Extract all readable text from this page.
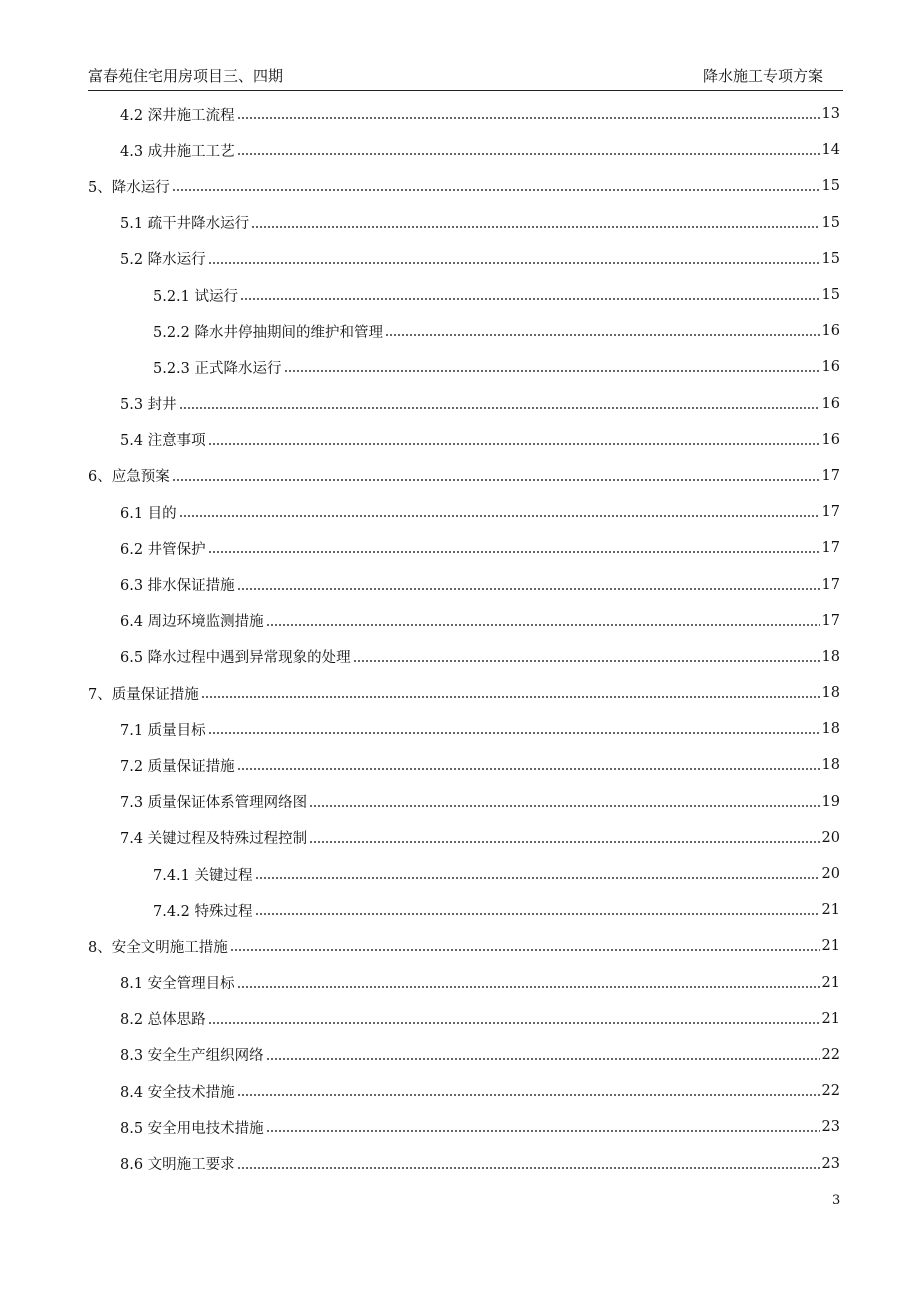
富春苑住宅用房项目三、四期	降水施工专项方案
4.2 深井施工流程	13
4.3 成井施工工艺	14
5、降水运行	15
5.1 疏干井降水运行	15
5.2 降水运行	15
5.2.1 试运行	15
5.2.2 降水井停抽期间的维护和管理	16
5.2.3 正式降水运行	16
5.3 封井	16
5.4 注意事项	16
6、应急预案	17
6.1 目的	17
6.2 井管保护	17
6.3 排水保证措施	17
6.4 周边环境监测措施	17
6.5 降水过程中遇到异常现象的处理	18
7、质量保证措施	18
7.1 质量目标	18
7.2 质量保证措施	18
7.3 质量保证体系管理网络图	19
7.4 关键过程及特殊过程控制	20
7.4.1 关键过程	20
7.4.2 特殊过程	21
8、安全文明施工措施	21
8.1 安全管理目标	21
8.2 总体思路	21
8.3 安全生产组织网络	22
8.4 安全技术措施	22
8.5 安全用电技术措施	23
8.6 文明施工要求	23
3
